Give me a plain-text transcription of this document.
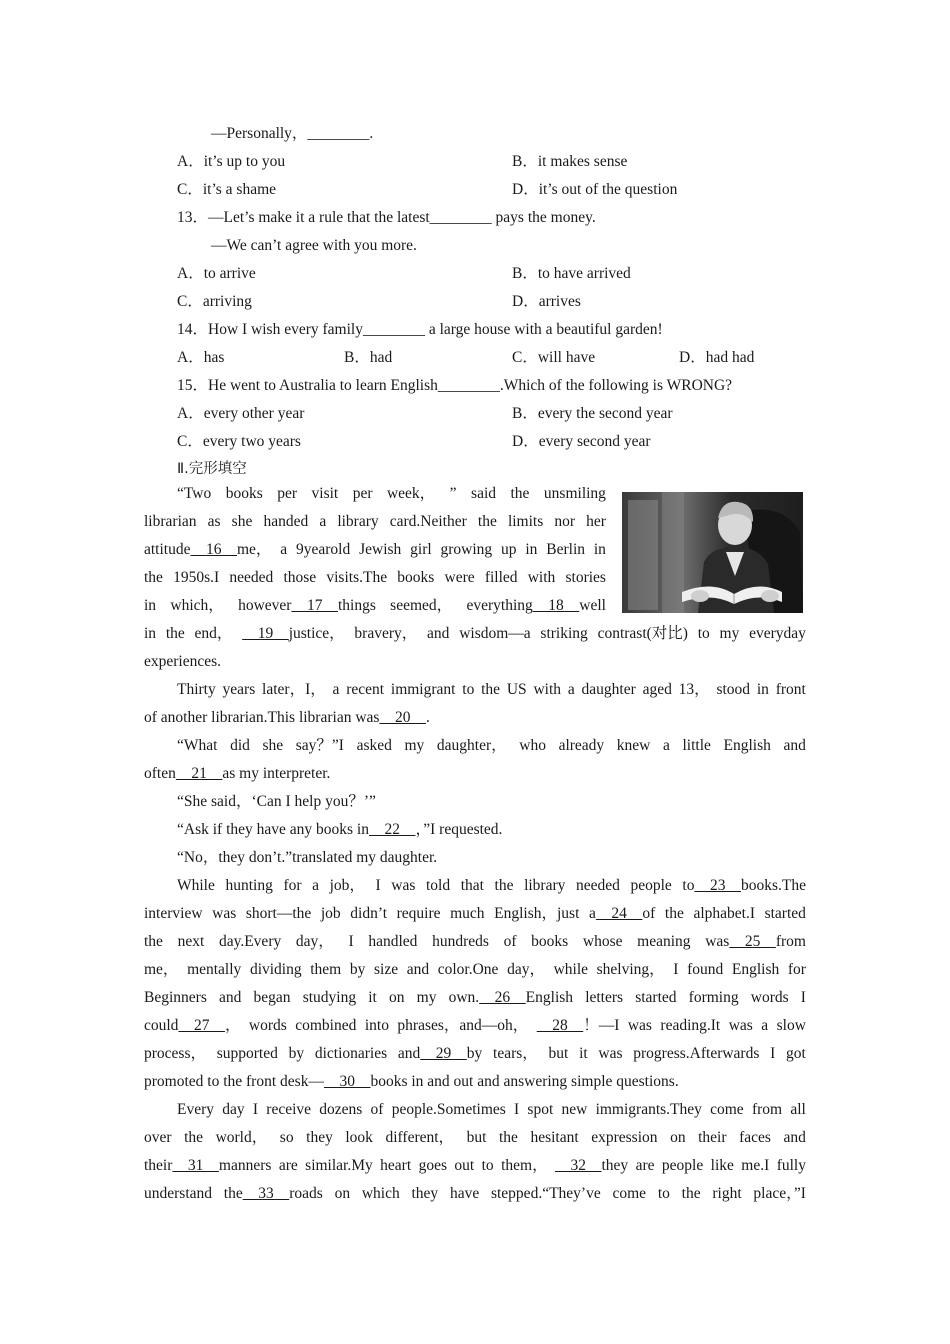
—Personally，________.
A．it’s up to you	B．it makes sense
C．it’s a shame	D．it’s out of the question
13．—Let’s make it a rule that the latest________ pays the money.
—We can’t agree with you more.
A．to arrive	B．to have arrived
C．arriving	D．arrives
14．How I wish every family________ a large house with a beautiful garden!
A．has	B．had	C．will have	D．had had
15．He went to Australia to learn English________.Which of the following is WRONG?
A．every other year	B．every the second year
C．every two years	D．every second year
Ⅱ.完形填空
“Two books per visit per week， ” said the unsmiling
librarian as she handed a library card.Neither the limits nor her
attitude  16  me， a 9yearold Jewish girl growing up in Berlin in
the 1950s.I needed those visits.The books were filled with stories
in which， however  17  things seemed， everything  18  well
in the end，   19  justice， bravery， and wisdom—a striking contrast(对比) to my everyday
experiences.
Thirty years later，I， a recent immigrant to the US with a daughter aged 13， stood in front
of another librarian.This librarian was  20  .
“What did she say？”I asked my daughter， who already knew a little English and
often  21  as my interpreter.
“She said，‘Can I help you？’”
“Ask if they have any books in  22  ，”I requested.
“No，they don’t.”translated my daughter.
While hunting for a job， I was told that the library needed people to  23  books.The
interview was short—the job didn’t require much English，just a  24  of the alphabet.I started
the next day.Every day， I handled hundreds of books whose meaning was  25  from
me， mentally dividing them by size and color.One day， while shelving， I found English for
Beginners and began studying it on my own.  26  English letters started forming words I
could  27  ， words combined into phrases，and—oh，   28  ！—I was reading.It was a slow
process， supported by dictionaries and  29  by tears， but it was progress.Afterwards I got
promoted to the front desk—  30  books in and out and answering simple questions.
Every day I receive dozens of people.Sometimes I spot new immigrants.They come from all
over the world， so they look different， but the hesitant expression on their faces and
their  31  manners are similar.My heart goes out to them，   32  they are people like me.I fully
understand the  33  roads on which they have stepped.“They’ve come to the right place，”I
